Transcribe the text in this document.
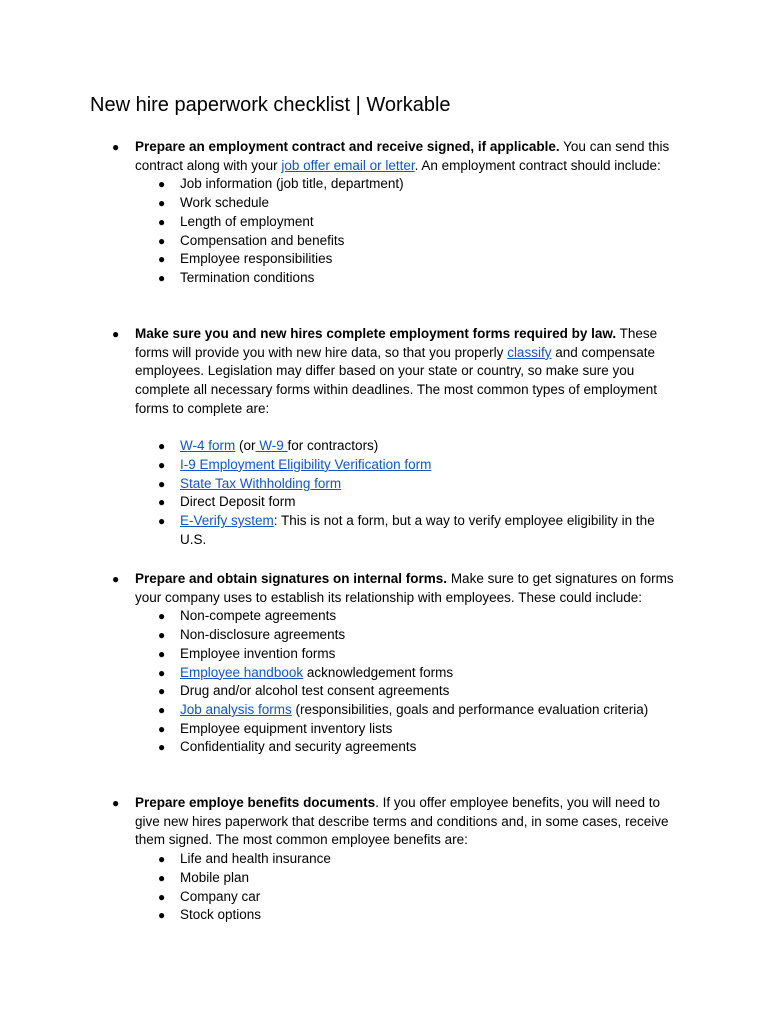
New hire paperwork checklist | Workable
● Prepare an employment contract and receive signed, if applicable. You can send this contract along with your job offer email or letter. An employment contract should include:

● Job information (job title, department)
● Work schedule
● Length of employment
● Compensation and benefits
● Employee responsibilities
● Termination conditions
● Make sure you and new hires complete employment forms required by law. These forms will provide you with new hire data, so that you properly classify and compensate employees. Legislation may differ based on your state or country, so make sure you complete all necessary forms within deadlines. The most common types of employment forms to complete are:

● W-4 form (or W-9 for contractors)
● I-9 Employment Eligibility Verification form
● State Tax Withholding form
● Direct Deposit form
● E-Verify system: This is not a form, but a way to verify employee eligibility in the U.S.
● Prepare and obtain signatures on internal forms. Make sure to get signatures on forms your company uses to establish its relationship with employees. These could include:

● Non-compete agreements
● Non-disclosure agreements
● Employee invention forms
● Employee handbook acknowledgement forms
● Drug and/or alcohol test consent agreements
● Job analysis forms (responsibilities, goals and performance evaluation criteria)
● Employee equipment inventory lists
● Confidentiality and security agreements
● Prepare employe benefits documents. If you offer employee benefits, you will need to give new hires paperwork that describe terms and conditions and, in some cases, receive them signed. The most common employee benefits are:

● Life and health insurance
● Mobile plan
● Company car
● Stock options
